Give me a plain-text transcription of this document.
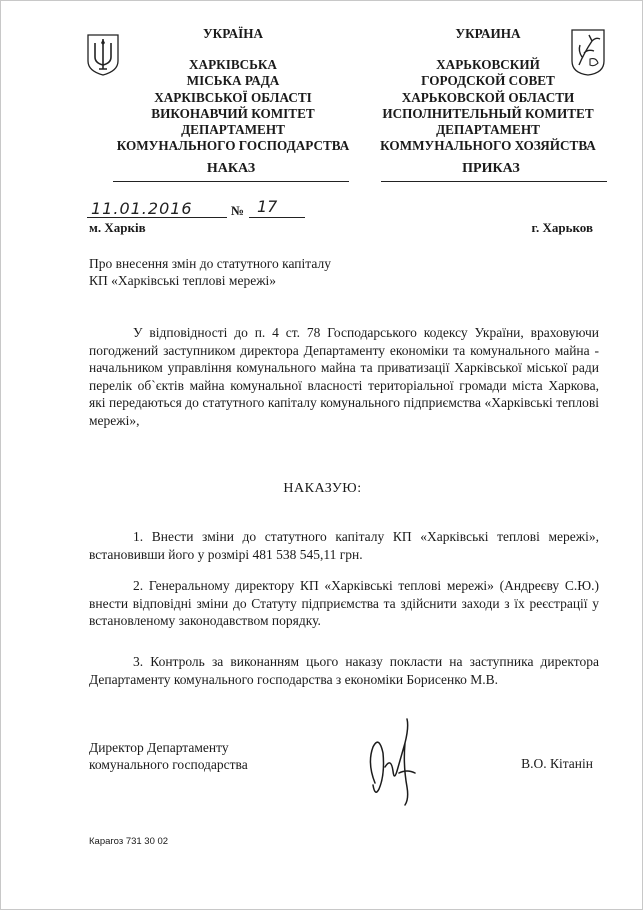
УКРАЇНА
ХАРКІВСЬКА
МІСЬКА РАДА
ХАРКІВСЬКОЇ ОБЛАСТІ
ВИКОНАВЧИЙ КОМІТЕТ
ДЕПАРТАМЕНТ
КОМУНАЛЬНОГО ГОСПОДАРСТВА
УКРАИНА
ХАРЬКОВСКИЙ
ГОРОДСКОЙ СОВЕТ
ХАРЬКОВСКОЙ ОБЛАСТИ
ИСПОЛНИТЕЛЬНЫЙ КОМИТЕТ
ДЕПАРТАМЕНТ
КОММУНАЛЬНОГО ХОЗЯЙСТВА
НАКАЗ	ПРИКАЗ
11.01.2016	№ 17
м. Харків	г. Харьков
Про внесення змін до статутного капіталу
КП «Харківські теплові мережі»
У відповідності до п. 4 ст. 78 Господарського кодексу України, враховуючи погоджений заступником директора Департаменту економіки та комунального майна - начальником управління комунального майна та приватизації Харківської міської ради перелік об`єктів майна комунальної власності територіальної громади міста Харкова, які передаються до статутного капіталу комунального підприємства «Харківські теплові мережі»,
НАКАЗУЮ:
1. Внести зміни до статутного капіталу КП «Харківські теплові мережі», встановивши його у розмірі 481 538 545,11 грн.
2. Генеральному директору КП «Харківські теплові мережі» (Андреєву С.Ю.) внести відповідні зміни до Статуту підприємства та здійснити заходи з їх реєстрації у встановленому законодавством порядку.
3. Контроль за виконанням цього наказу покласти на заступника директора Департаменту комунального господарства з економіки Борисенко М.В.
Директор Департаменту
комунального господарства	В.О. Кітанін
Карагоз 731 30 02
